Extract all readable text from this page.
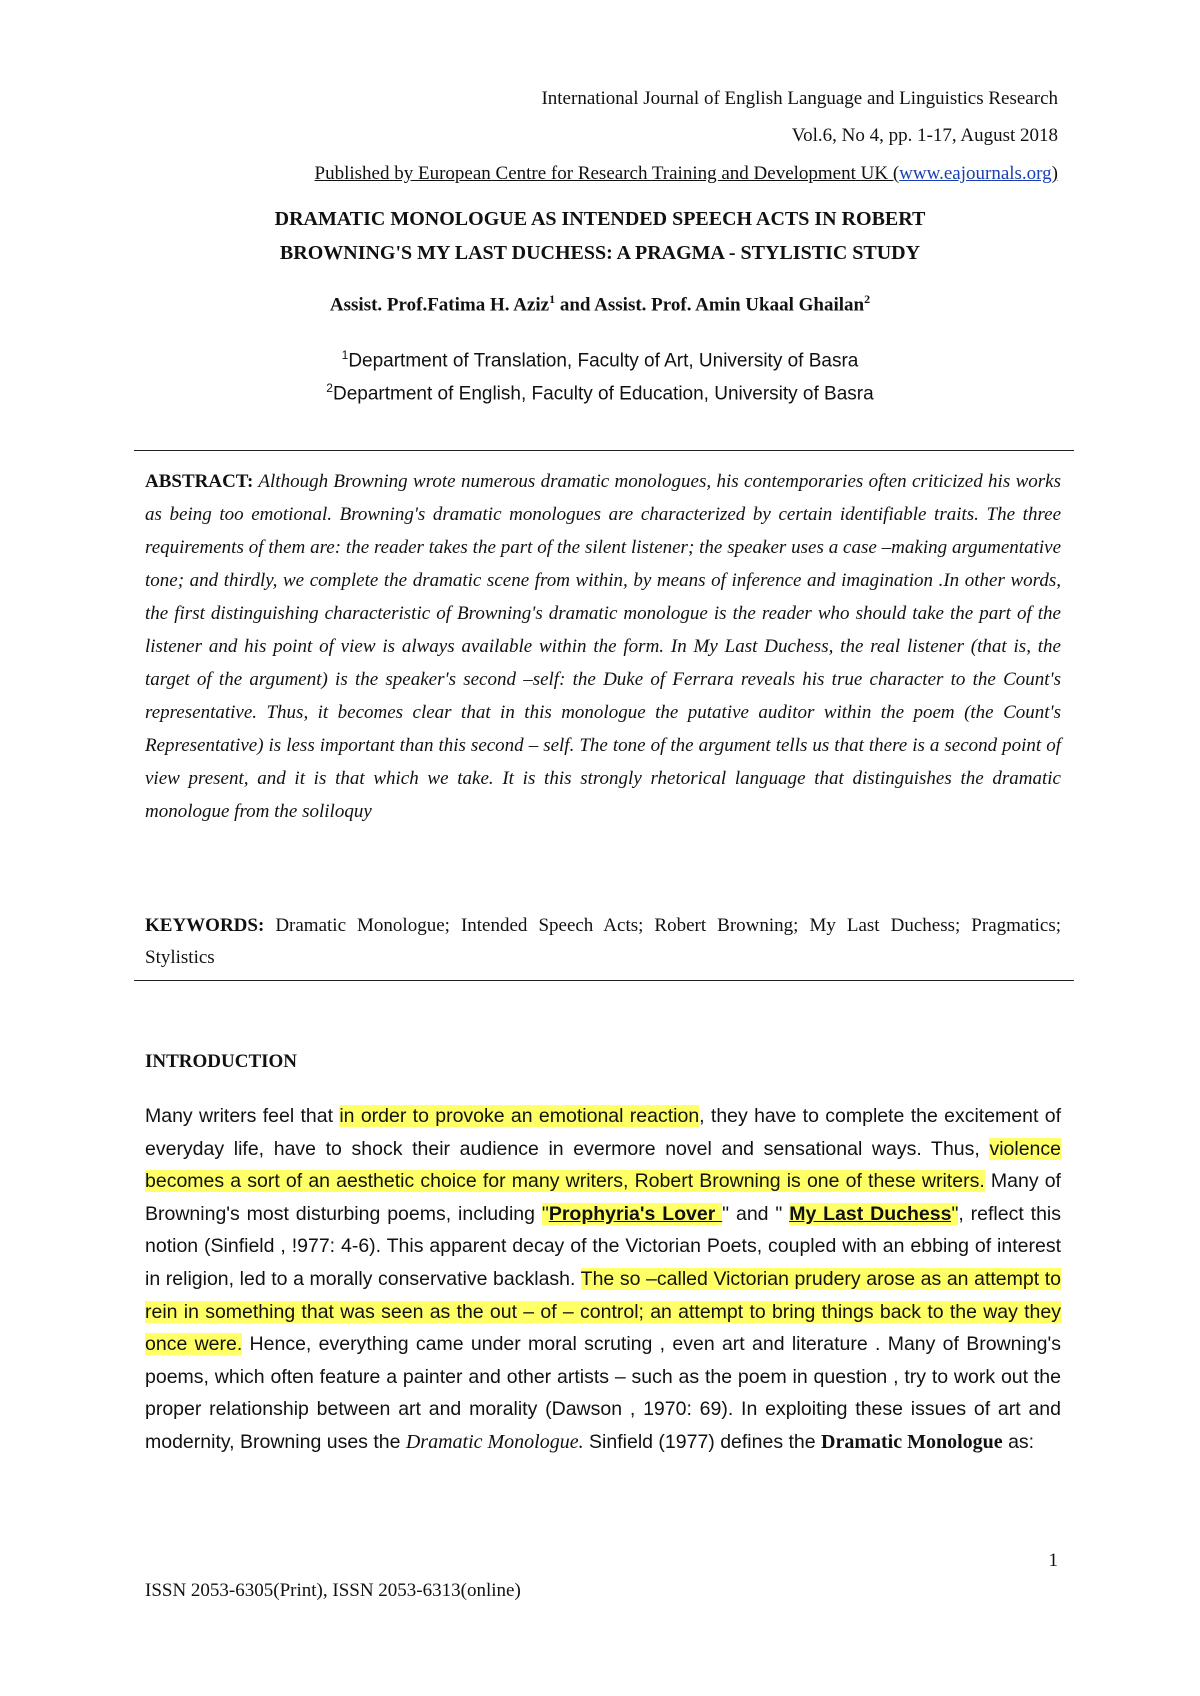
International Journal of English Language and Linguistics Research
Vol.6, No 4, pp. 1-17, August 2018
Published by European Centre for Research Training and Development UK (www.eajournals.org)
DRAMATIC MONOLOGUE AS INTENDED SPEECH ACTS IN ROBERT
BROWNING'S MY LAST DUCHESS: A PRAGMA - STYLISTIC STUDY
Assist. Prof.Fatima H. Aziz$^1$ and Assist. Prof. Amin Ukaal Ghailan$^2$
$^1$Department of Translation, Faculty of Art, University of Basra
$^2$Department of English, Faculty of Education, University of Basra
ABSTRACT: Although Browning wrote numerous dramatic monologues, his contemporaries often criticized his works as being too emotional. Browning's dramatic monologues are characterized by certain identifiable traits. The three requirements of them are: the reader takes the part of the silent listener; the speaker uses a case –making argumentative tone; and thirdly, we complete the dramatic scene from within, by means of inference and imagination .In other words, the first distinguishing characteristic of Browning's dramatic monologue is the reader who should take the part of the listener and his point of view is always available within the form. In My Last Duchess, the real listener (that is, the target of the argument) is the speaker's second –self: the Duke of Ferrara reveals his true character to the Count's representative. Thus, it becomes clear that in this monologue the putative auditor within the poem (the Count's Representative) is less important than this second – self. The tone of the argument tells us that there is a second point of view present, and it is that which we take. It is this strongly rhetorical language that distinguishes the dramatic monologue from the soliloquy
KEYWORDS: Dramatic Monologue; Intended Speech Acts; Robert Browning; My Last Duchess; Pragmatics; Stylistics
INTRODUCTION
Many writers feel that in order to provoke an emotional reaction, they have to complete the excitement of everyday life, have to shock their audience in evermore novel and sensational ways. Thus, violence becomes a sort of an aesthetic choice for many writers, Robert Browning is one of these writers. Many of Browning's most disturbing poems, including "Prophyria's Lover " and " My Last Duchess", reflect this notion (Sinfield , !977: 4-6). This apparent decay of the Victorian Poets, coupled with an ebbing of interest in religion, led to a morally conservative backlash. The so –called Victorian prudery arose as an attempt to rein in something that was seen as the out – of – control; an attempt to bring things back to the way they once were. Hence, everything came under moral scruting , even art and literature . Many of Browning's poems, which often feature a painter and other artists – such as the poem in question , try to work out the proper relationship between art and morality (Dawson , 1970: 69). In exploiting these issues of art and modernity, Browning uses the Dramatic Monologue. Sinfield (1977) defines the Dramatic Monologue as:
1
ISSN 2053-6305(Print), ISSN 2053-6313(online)
